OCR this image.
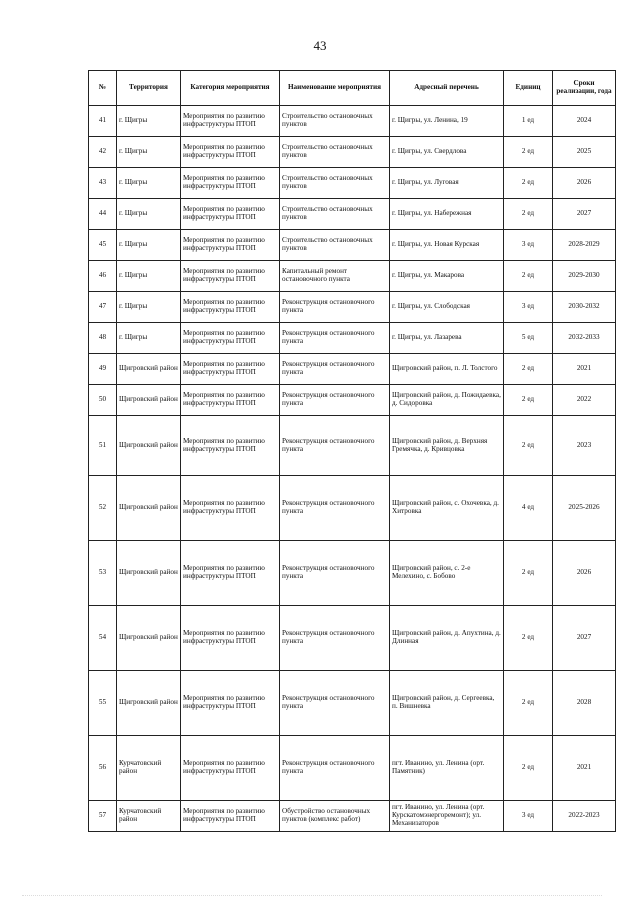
43
№	Территория	Категория мероприятия	Наименование мероприятия	Адресный перечень	Единиц	Сроки реализации, года
41	г. Щигры	Мероприятия по развитию инфраструктуры ПТОП	Строительство остановочных пунктов	г. Щигры, ул. Ленина, 19	1 ед	2024
42	г. Щигры	Мероприятия по развитию инфраструктуры ПТОП	Строительство остановочных пунктов	г. Щигры, ул. Свердлова	2 ед	2025
43	г. Щигры	Мероприятия по развитию инфраструктуры ПТОП	Строительство остановочных пунктов	г. Щигры, ул. Луговая	2 ед	2026
44	г. Щигры	Мероприятия по развитию инфраструктуры ПТОП	Строительство остановочных пунктов	г. Щигры, ул. Набережная	2 ед	2027
45	г. Щигры	Мероприятия по развитию инфраструктуры ПТОП	Строительство остановочных пунктов	г. Щигры, ул. Новая Курская	3 ед	2028-2029
46	г. Щигры	Мероприятия по развитию инфраструктуры ПТОП	Капитальный ремонт остановочного пункта	г. Щигры, ул. Макарова	2 ед	2029-2030
47	г. Щигры	Мероприятия по развитию инфраструктуры ПТОП	Реконструкция остановочного пункта	г. Щигры, ул. Слободская	3 ед	2030-2032
48	г. Щигры	Мероприятия по развитию инфраструктуры ПТОП	Реконструкция остановочного пункта	г. Щигры, ул. Лазарева	5 ед	2032-2033
49	Щигровский район	Мероприятия по развитию инфраструктуры ПТОП	Реконструкция остановочного пункта	Щигровский район, п. Л. Толстого	2 ед	2021
50	Щигровский район	Мероприятия по развитию инфраструктуры ПТОП	Реконструкция остановочного пункта	Щигровский район, д. Пожидаевка, д. Сидоровка	2 ед	2022
51	Щигровский район	Мероприятия по развитию инфраструктуры ПТОП	Реконструкция остановочного пункта	Щигровский район, д. Верхняя Гремячка, д. Кривцовка	2 ед	2023
52	Щигровский район	Мероприятия по развитию инфраструктуры ПТОП	Реконструкция остановочного пункта	Щигровский район, с. Охочевка, д. Хитровка	4 ед	2025-2026
53	Щигровский район	Мероприятия по развитию инфраструктуры ПТОП	Реконструкция остановочного пункта	Щигровский район, с. 2-е Мелехино, с. Бобово	2 ед	2026
54	Щигровский район	Мероприятия по развитию инфраструктуры ПТОП	Реконструкция остановочного пункта	Щигровский район, д. Апухтина, д. Длинная	2 ед	2027
55	Щигровский район	Мероприятия по развитию инфраструктуры ПТОП	Реконструкция остановочного пункта	Щигровский район, д. Сергеевка, п. Вишневка	2 ед	2028
56	Курчатовский район	Мероприятия по развитию инфраструктуры ПТОП	Реконструкция остановочного пункта	пгт. Иванино, ул. Ленина (орт. Памятник)	2 ед	2021
57	Курчатовский район	Мероприятия по развитию инфраструктуры ПТОП	Обустройство остановочных пунктов (комплекс работ)	пгт. Иванино, ул. Ленина (орт. Курскатомэнергоремонт); ул. Механизаторов	3 ед	2022-2023
